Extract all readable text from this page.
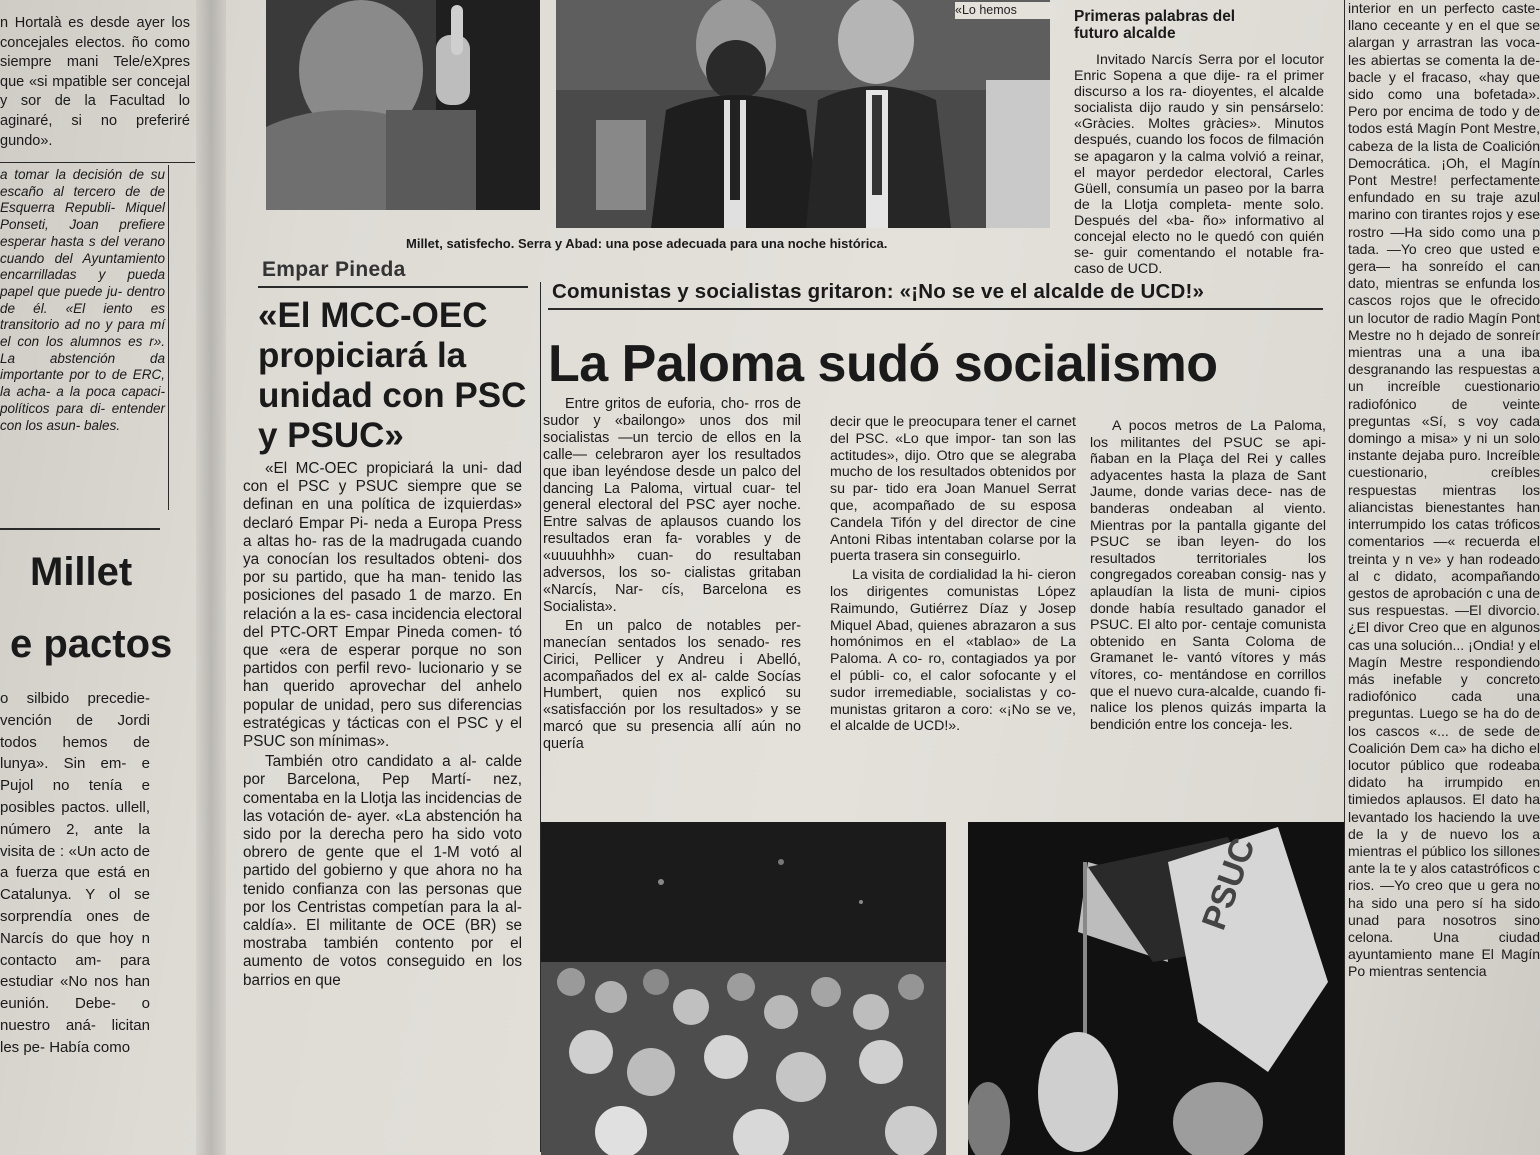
n Hortalà es desde ayer los concejales electos. ño como siempre mani Tele/eXpres que «si mpatible ser concejal y sor de la Facultad lo aginaré, si no preferiré gundo».

a tomar la decisión de su escaño al tercero de de Esquerra Republi- Miquel Ponseti, Joan prefiere esperar hasta s del verano cuando del Ayuntamiento encarrilladas y pueda papel que puede ju- dentro de él. «El iento es transitorio ad no y para mí el con los alumnos es r». La abstención da importante por to de ERC, la acha- a la poca capaci- políticos para di- entender con los asun- bales.

Millet
e pactos

o silbido precedie- vención de Jordi todos hemos de lunya». Sin em- e Pujol no tenía e posibles pactos. ullell, número 2, ante la visita de : «Un acto de a fuerza que está en Catalunya. Y ol se sorprendía ones de Narcís do que hoy n contacto am- para estudiar «No nos han eunión. Debe- o nuestro aná- licitan les pe- Había como

«Lo hemos
Millet, satisfecho. Serra y Abad: una pose adecuada para una noche histórica.
Primeras palabras del futuro alcalde

Invitado Narcís Serra por el locutor Enric Sopena a que dije- ra el primer discurso a los ra- dioyentes, el alcalde socialista dijo raudo y sin pensárselo: «Gràcies. Moltes gràcies». Minutos después, cuando los focos de filmación se apagaron y la calma volvió a reinar, el mayor perdedor electoral, Carles Güell, consumía un paseo por la barra de la Llotja completa- mente solo. Después del «ba- ño» informativo al concejal electo no le quedó con quién se- guir comentando el notable fra- caso de UCD.

Empar Pineda
«El MCC-OEC propiciará la unidad con PSC y PSUC»

«El MC-OEC propiciará la uni- dad con el PSC y PSUC siempre que se definan en una política de izquierdas» declaró Empar Pi- neda a Europa Press a altas ho- ras de la madrugada cuando ya conocían los resultados obteni- dos por su partido, que ha man- tenido las posiciones del pasado 1 de marzo. En relación a la es- casa incidencia electoral del PTC-ORT Empar Pineda comen- tó que «era de esperar porque no son partidos con perfil revo- lucionario y se han querido aprovechar del anhelo popular de unidad, pero sus diferencias estratégicas y tácticas con el PSC y el PSUC son mínimas».

También otro candidato a al- calde por Barcelona, Pep Martí- nez, comentaba en la Llotja las incidencias de las votación de- ayer. «La abstención ha sido por la derecha pero ha sido voto obrero de gente que el 1-M votó al partido del gobierno y que ahora no ha tenido confianza con las personas que por los Centristas competían para la al- caldía». El militante de OCE (BR) se mostraba también contento por el aumento de votos conseguido en los barrios en que

Comunistas y socialistas gritaron: «¡No se ve el alcalde de UCD!»
La Paloma sudó socialismo

Entre gritos de euforia, cho- rros de sudor y «bailongo» unos dos mil socialistas —un tercio de ellos en la calle— celebraron ayer los resultados que iban leyéndose desde un palco del dancing La Paloma, virtual cuar- tel general electoral del PSC ayer noche. Entre salvas de aplausos cuando los resultados eran fa- vorables y de «uuuuhhh» cuan- do resultaban adversos, los so- cialistas gritaban «Narcís, Nar- cís, Barcelona es Socialista».

En un palco de notables per- manecían sentados los senado- res Cirici, Pellicer y Andreu i Abelló, acompañados del ex al- calde Socías Humbert, quien nos explicó su «satisfacción por los resultados» y se marcó que su presencia allí aún no quería

decir que le preocupara tener el carnet del PSC. «Lo que impor- tan son las actitudes», dijo. Otro que se alegraba mucho de los resultados obtenidos por su par- tido era Joan Manuel Serrat que, acompañado de su esposa Candela Tifón y del director de cine Antoni Ribas intentaban colarse por la puerta trasera sin conseguirlo.

La visita de cordialidad la hi- cieron los dirigentes comunistas López Raimundo, Gutiérrez Díaz y Josep Miquel Abad, quienes abrazaron a sus homónimos en el «tablao» de La Paloma. A co- ro, contagiados ya por el públi- co, el calor sofocante y el sudor irremediable, socialistas y co- munistas gritaron a coro: «¡No se ve, el alcalde de UCD!».

A pocos metros de La Paloma, los militantes del PSUC se api- ñaban en la Plaça del Rei y calles adyacentes hasta la plaza de Sant Jaume, donde varias dece- nas de banderas ondeaban al viento. Mientras por la pantalla gigante del PSUC se iban leyen- do los resultados territoriales los congregados coreaban consig- nas y aplaudían la lista de muni- cipios donde había resultado ganador el PSUC. El alto por- centaje comunista obtenido en Santa Coloma de Gramanet le- vantó vítores y más vítores, co- mentándose en corrillos que el nuevo cura-alcalde, cuando fi- nalice los plenos quizás imparta la bendición entre los conceja- les.

PSUC

interior en un perfecto caste- llano ceceante y en el que se alargan y arrastran las voca- les abiertas se comenta la de- bacle y el fracaso, «hay que sido como una bofetada». Pero por encima de todo y de todos está Magín Pont Mestre, cabeza de la lista de Coalición Democrática. ¡Oh, el Magín Pont Mestre! perfectamente enfundado en su traje azul marino con tirantes rojos y ese rostro —Ha sido como una p tada. —Yo creo que usted e gera— ha sonreído el can dato, mientras se enfunda los cascos rojos que le ofrecido un locutor de radio Magín Pont Mestre no h dejado de sonreír mientras una a una iba desgranando las respuestas a un increíble cuestionario radiofónico de veinte preguntas «Sí, s voy cada domingo a misa» y ni un solo instante dejaba puro. Increíble cuestionario, creíbles respuestas mientras los aliancistas bienestantes han interrumpido los catas tróficos comentarios —« recuerda el treinta y n ve» y han rodeado al c didato, acompañando gestos de aprobación c una de sus respuestas. —El divorcio. ¿El divor Creo que en algunos cas una solución... ¡Ondia! y el Magín Mestre respondiendo más inefable y concreto radiofónico cada una preguntas. Luego se ha do de los cascos «... de sede de Coalición Dem ca» ha dicho el locutor público que rodeaba didato ha irrumpido en timiedos aplausos. El dato ha levantado los haciendo la uve de la y de nuevo los a mientras el público los sillones ante la te y alos catastróficos c rios. —Yo creo que u gera no ha sido una pero sí ha sido unad para nosotros sino celona. Una ciudad ayuntamiento mane El Magín Po mientras sentencia
